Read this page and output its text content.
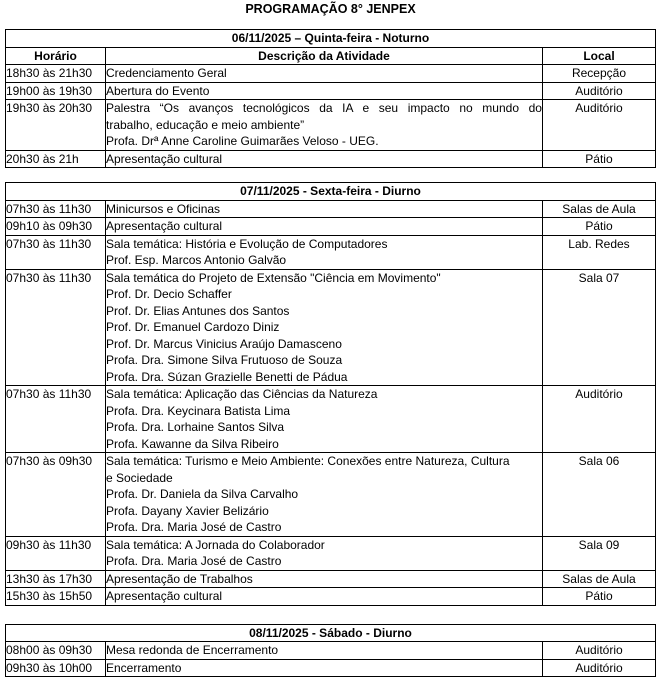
PROGRAMAÇÃO 8° JENPEX
06/11/2025 – Quinta-feira - Noturno		
Horário	Descrição da Atividade	Local
18h30 às 21h30	Credenciamento Geral	Recepção
19h00 às 19h30	Abertura do Evento	Auditório
19h30 às 20h30	Palestra “Os avanços tecnológicos da IA e seu impacto no mundo do
trabalho, educação e meio ambiente”
Profa. Drª Anne Caroline Guimarães Veloso - UEG.	Auditório
20h30 às 21h	Apresentação cultural	Pátio
07/11/2025 - Sexta-feira - Diurno		
07h30 às 11h30	Minicursos e Oficinas	Salas de Aula
09h10 às 09h30	Apresentação cultural	Pátio
07h30 às 11h30	Sala temática: História e Evolução de Computadores
Prof. Esp. Marcos Antonio Galvão	Lab. Redes
07h30 às 11h30	Sala temática do Projeto de Extensão "Ciência em Movimento"
Prof. Dr. Decio Schaffer
Prof. Dr. Elias Antunes dos Santos
Prof. Dr. Emanuel Cardozo Diniz
Prof. Dr. Marcus Vinicius Araújo Damasceno
Profa. Dra. Simone Silva Frutuoso de Souza
Profa. Dra. Súzan Grazielle Benetti de Pádua
	Sala 07
07h30 às 11h30	Sala temática: Aplicação das Ciências da Natureza
Profa. Dra. Keycinara Batista Lima
Profa. Dra. Lorhaine Santos Silva
Profa. Kawanne da Silva Ribeiro	Auditório
07h30 às 09h30	Sala temática: Turismo e Meio Ambiente: Conexões entre Natureza, Cultura
e Sociedade
Profa. Dr. Daniela da Silva Carvalho
Profa. Dayany Xavier Belizário
Profa. Dra. Maria José de Castro	Sala 06
09h30 às 11h30	Sala temática: A Jornada do Colaborador
Profa. Dra. Maria José de Castro	Sala 09
13h30 às 17h30	Apresentação de Trabalhos	Salas de Aula
15h30 às 15h50	Apresentação cultural	Pátio
08/11/2025 - Sábado - Diurno		
08h00 às 09h30	Mesa redonda de Encerramento	Auditório
09h30 às 10h00	Encerramento	Auditório
